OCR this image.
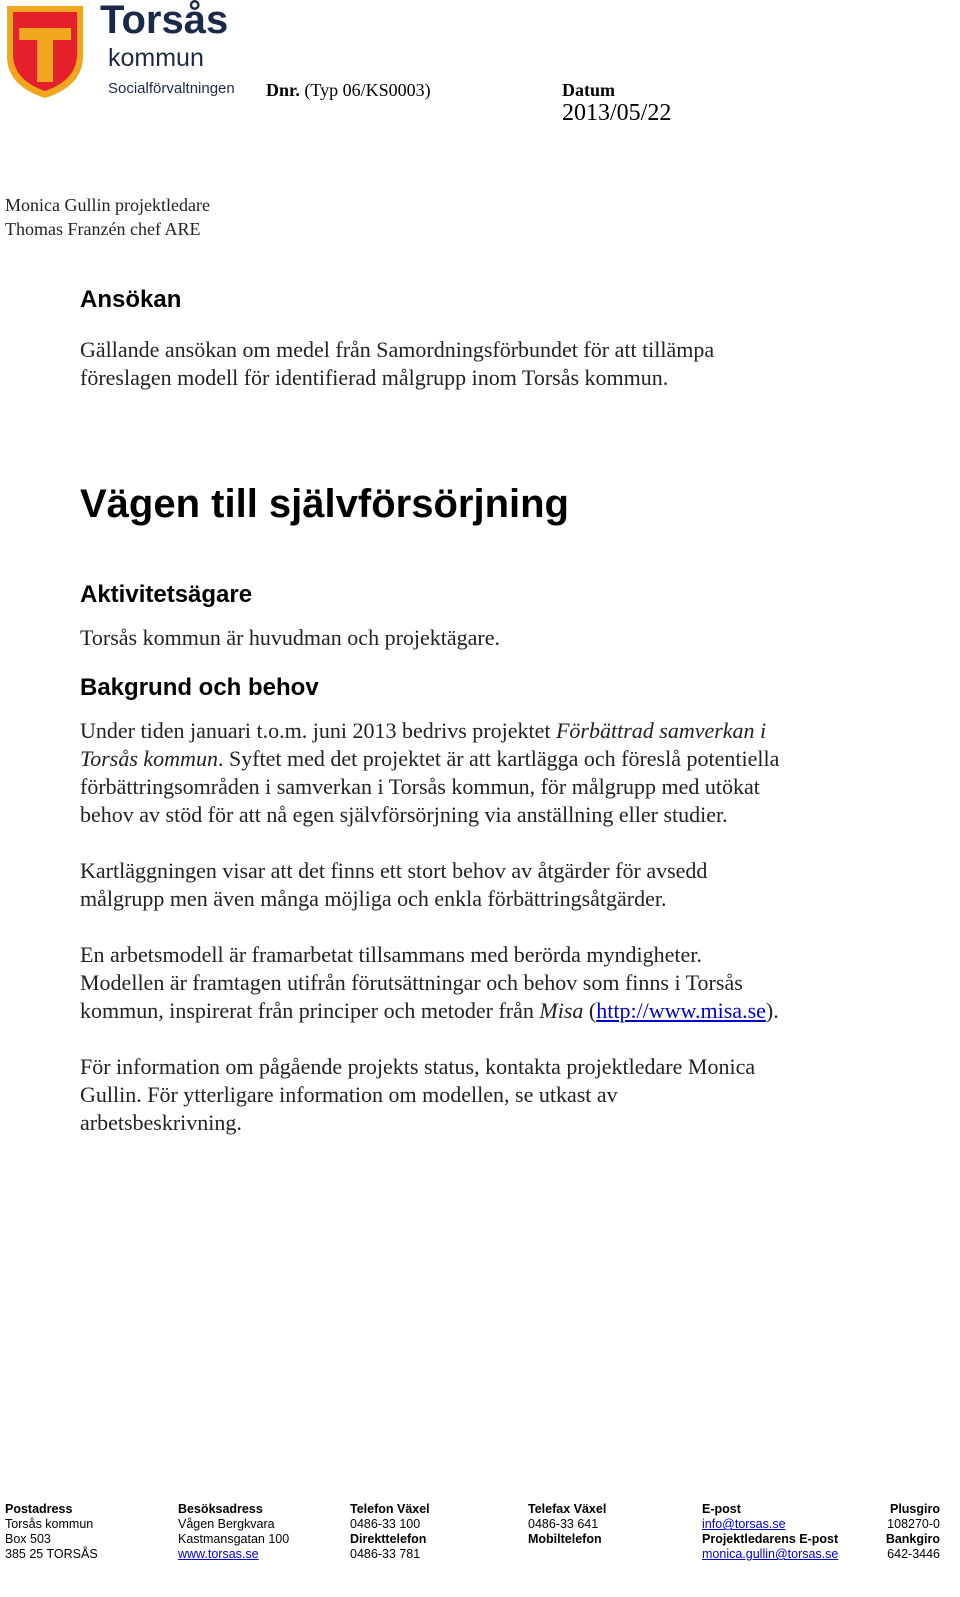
Torsås
kommun
Socialförvaltningen Dnr. (Typ 06/KS0003)	Datum
2013/05/22
Monica Gullin projektledare
Thomas Franzén chef ARE
Ansökan

Gällande ansökan om medel från Samordningsförbundet för att tillämpa föreslagen modell för identifierad målgrupp inom Torsås kommun.

Vägen till självförsörjning
Aktivitetsägare

Torsås kommun är huvudman och projektägare.

Bakgrund och behov

Under tiden januari t.o.m. juni 2013 bedrivs projektet Förbättrad samverkan i Torsås kommun. Syftet med det projektet är att kartlägga och föreslå potentiella förbättringsområden i samverkan i Torsås kommun, för målgrupp med utökat behov av stöd för att nå egen självförsörjning via anställning eller studier.

Kartläggningen visar att det finns ett stort behov av åtgärder för avsedd målgrupp men även många möjliga och enkla förbättringsåtgärder.

En arbetsmodell är framarbetat tillsammans med berörda myndigheter. Modellen är framtagen utifrån förutsättningar och behov som finns i Torsås kommun, inspirerat från principer och metoder från Misa (http://www.misa.se).

För information om pågående projekts status, kontakta projektledare Monica Gullin. För ytterligare information om modellen, se utkast av arbetsbeskrivning.

Postadress
Torsås kommun
Box 503
385 25 TORSÅS
Besöksadress
Vågen Bergkvara
Kastmansgatan 100
www.torsas.se
Telefon Växel
0486-33 100
Direkttelefon
0486-33 781
Telefax Växel
0486-33 641
Mobiltelefon
E-post
info@torsas.se
Projektledarens E-post
monica.gullin@torsas.se
Plusgiro
108270-0
Bankgiro
642-3446
